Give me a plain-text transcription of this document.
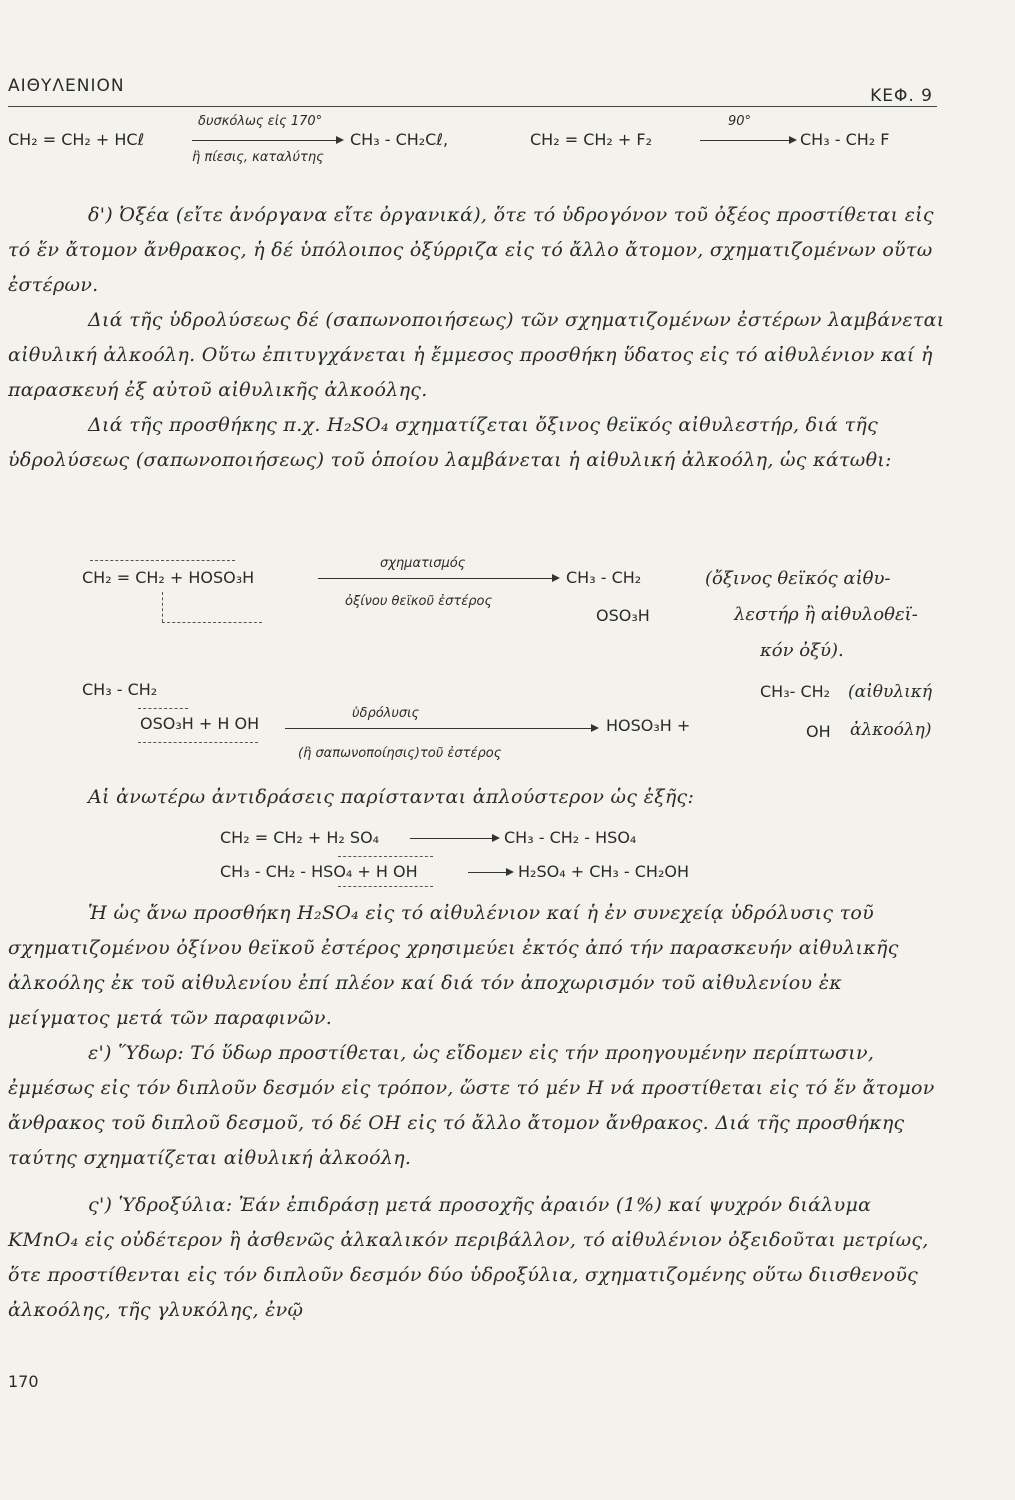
ΑΙΘΥΛΕΝΙΟΝ	ΚΕΦ. 9
CH₂ = CH₂ + HCℓ
δυσκόλως εἰς 170°
ἢ πίεσις, καταλύτης
CH₃ - CH₂Cℓ,	CH₂ = CH₂ + F₂
90°
CH₃ - CH₂ F

δ') Ὀξέα (εἴτε ἀνόργανα εἴτε ὀργανικά), ὅτε τό ὑδρογόνον τοῦ ὀξέος προστίθεται εἰς τό ἕν ἄτομον ἄνθρακος, ἡ δέ ὑπόλοιπος ὀξύρριζα εἰς τό ἄλλο ἄτομον, σχηματιζομένων οὕτω ἐστέρων.

Διά τῆς ὑδρολύσεως δέ (σαπωνοποιήσεως) τῶν σχηματιζομένων ἐστέρων λαμβάνεται αἰθυλική ἀλκοόλη. Οὕτω ἐπιτυγχάνεται ἡ ἔμμεσος προσθήκη ὕδατος εἰς τό αἰθυλένιον καί ἡ παρασκευή ἐξ αὐτοῦ αἰθυλικῆς ἀλκοόλης.

Διά τῆς προσθήκης π.χ. H₂SO₄ σχηματίζεται ὄξινος θεϊκός αἰθυλεστήρ, διά τῆς ὑδρολύσεως (σαπωνοποιήσεως) τοῦ ὁποίου λαμβάνεται ἡ αἰθυλική ἀλκοόλη, ὡς κάτωθι:

CH₂ = CH₂ + HOSO₃H
σχηματισμός
ὀξίνου θεϊκοῦ ἐστέρος
CH₃ - CH₂
OSO₃H
(ὄξινος θεϊκός αἰθυ-
λεστήρ ἢ αἰθυλοθεϊ-
κόν ὀξύ).
CH₃ - CH₂
OSO₃H + H OH
ὑδρόλυσις
(ἢ σαπωνοποίησις)τοῦ ἐστέρος
HOSO₃H +
CH₃- CH₂
OH
(αἰθυλική
ἀλκοόλη)

Αἱ ἀνωτέρω ἀντιδράσεις παρίστανται ἁπλούστερον ὡς ἑξῆς:

CH₂ = CH₂ + H₂ SO₄	CH₃ - CH₂ - HSO₄
CH₃ - CH₂ - HSO₄ + H OH	H₂SO₄ + CH₃ - CH₂OH

Ἡ ὡς ἄνω προσθήκη H₂SO₄ εἰς τό αἰθυλένιον καί ἡ ἐν συνεχείᾳ ὑδρόλυσις τοῦ σχηματιζομένου ὀξίνου θεϊκοῦ ἐστέρος χρησιμεύει ἐκτός ἀπό τήν παρασκευήν αἰθυλικῆς ἀλκοόλης ἐκ τοῦ αἰθυλενίου ἐπί πλέον καί διά τόν ἀποχωρισμόν τοῦ αἰθυλενίου ἐκ μείγματος μετά τῶν παραφινῶν.

ε') Ὕδωρ: Τό ὕδωρ προστίθεται, ὡς εἴδομεν εἰς τήν προηγουμένην περίπτωσιν, ἐμμέσως εἰς τόν διπλοῦν δεσμόν εἰς τρόπον, ὥστε τό μέν H νά προστίθεται εἰς τό ἕν ἄτομον ἄνθρακος τοῦ διπλοῦ δεσμοῦ, τό δέ OH εἰς τό ἄλλο ἄτομον ἄνθρακος. Διά τῆς προσθήκης ταύτης σχηματίζεται αἰθυλική ἀλκοόλη.

ς') Ὑδροξύλια: Ἐάν ἐπιδράσῃ μετά προσοχῆς ἀραιόν (1%) καί ψυχρόν διάλυμα KMnO₄ εἰς οὐδέτερον ἢ ἀσθενῶς ἀλκαλικόν περιβάλλον, τό αἰθυλένιον ὀξειδοῦται μετρίως, ὅτε προστίθενται εἰς τόν διπλοῦν δεσμόν δύο ὑδροξύλια, σχηματιζομένης οὕτω διισθενοῦς ἀλκοόλης, τῆς γλυκόλης, ἐνῷ

170
